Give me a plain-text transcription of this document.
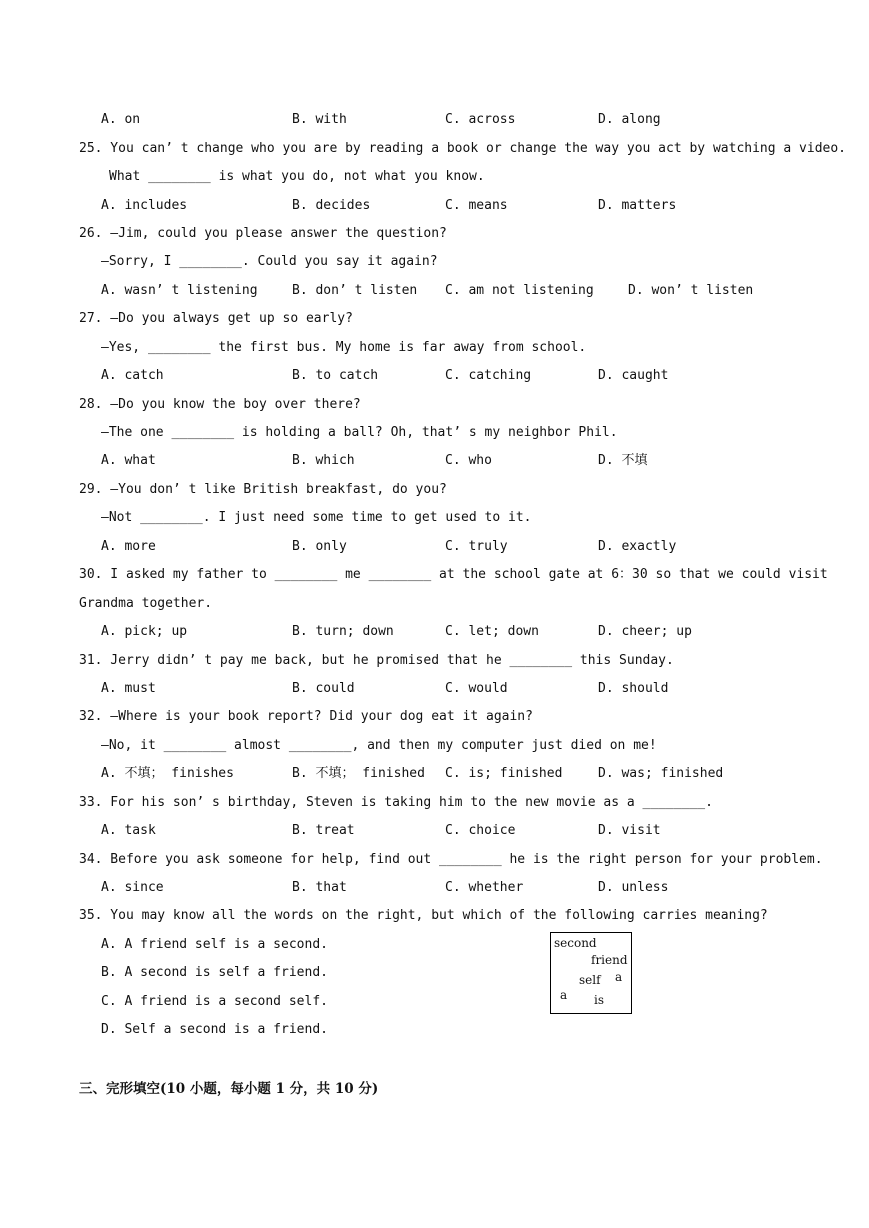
A. on	B. with	C. across	D. along
25. You can’ t change who you are by reading a book or change the way you act by watching a video.
What ________ is what you do, not what you know.
A. includes	B. decides	C. means	D. matters
26. —Jim, could you please answer the question?
—Sorry, I ________. Could you say it again?
A. wasn’ t listening	B. don’ t listen C. am not listening	D. won’ t listen
27. —Do you always get up so early?
—Yes, ________ the first bus. My home is far away from school.
A. catch	B. to catch	C. catching	D. caught
28. —Do you know the boy over there?
—The one ________ is holding a ball? Oh, that’ s my neighbor Phil.
A. what	B. which	C. who	D. 不填
29. —You don’ t like British breakfast, do you?
—Not ________. I just need some time to get used to it.
A. more	B. only	C. truly	D. exactly
30. I asked my father to ________ me ________ at the school gate at 6：30 so that we could visit
Grandma together.
A. pick; up	B. turn; down	C. let; down	D. cheer; up
31. Jerry didn’ t pay me back, but he promised that he ________ this Sunday.
A. must	B. could	C. would	D. should
32. —Where is your book report? Did your dog eat it again?
—No, it ________ almost ________, and then my computer just died on me!
A. 不填； finishes	B. 不填； finished C. is; finished	D. was; finished
33. For his son’ s birthday, Steven is taking him to the new movie as a ________.
A. task	B. treat	C. choice	D. visit
34. Before you ask someone for help, find out ________ he is the right person for your problem.
A. since	B. that	C. whether	D. unless
35. You may know all the words on the right, but which of the following carries meaning?
A. A friend self is a second.
B. A second is self a friend.
C. A friend is a second self.
D. Self a second is a friend.
second
friend
a
self
a is
三、完形填空(10 小题，每小题 1 分，共 10 分)
